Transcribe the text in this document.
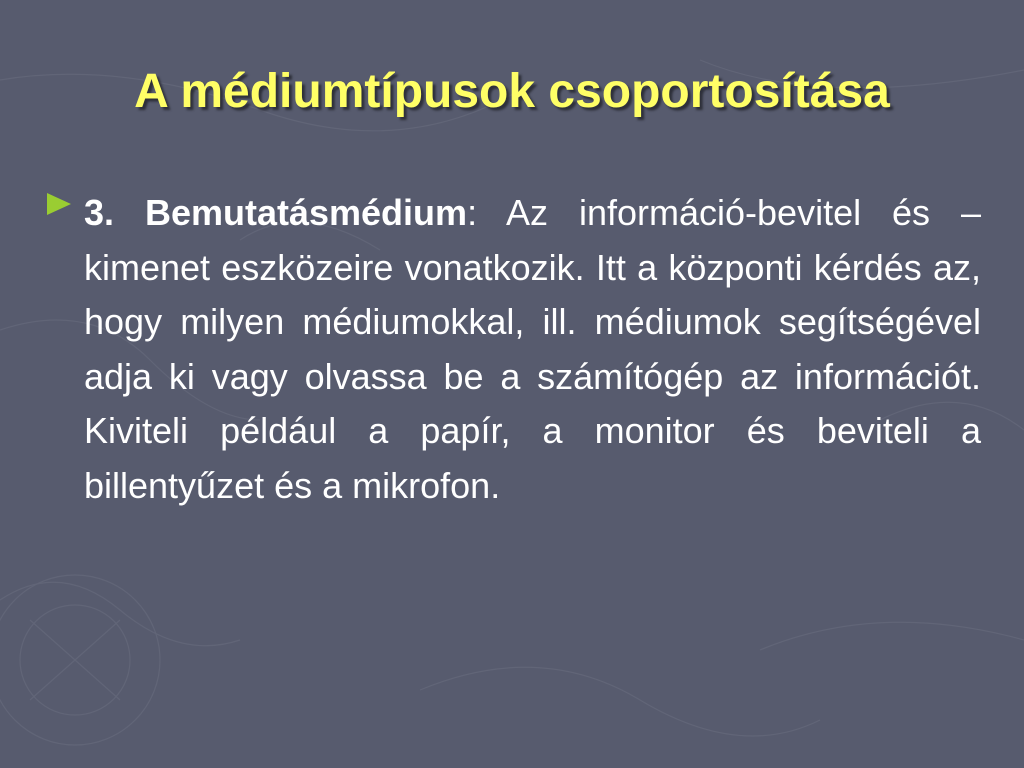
A médiumtípusok csoportosítása

3. Bemutatásmédium: Az információ-bevitel és –kimenet eszközeire vonatkozik. Itt a központi kérdés az, hogy milyen médiumokkal, ill. médiumok segítségével adja ki vagy olvassa be a számítógép az információt. Kiviteli például a papír, a monitor és beviteli a billentyűzet és a mikrofon.
